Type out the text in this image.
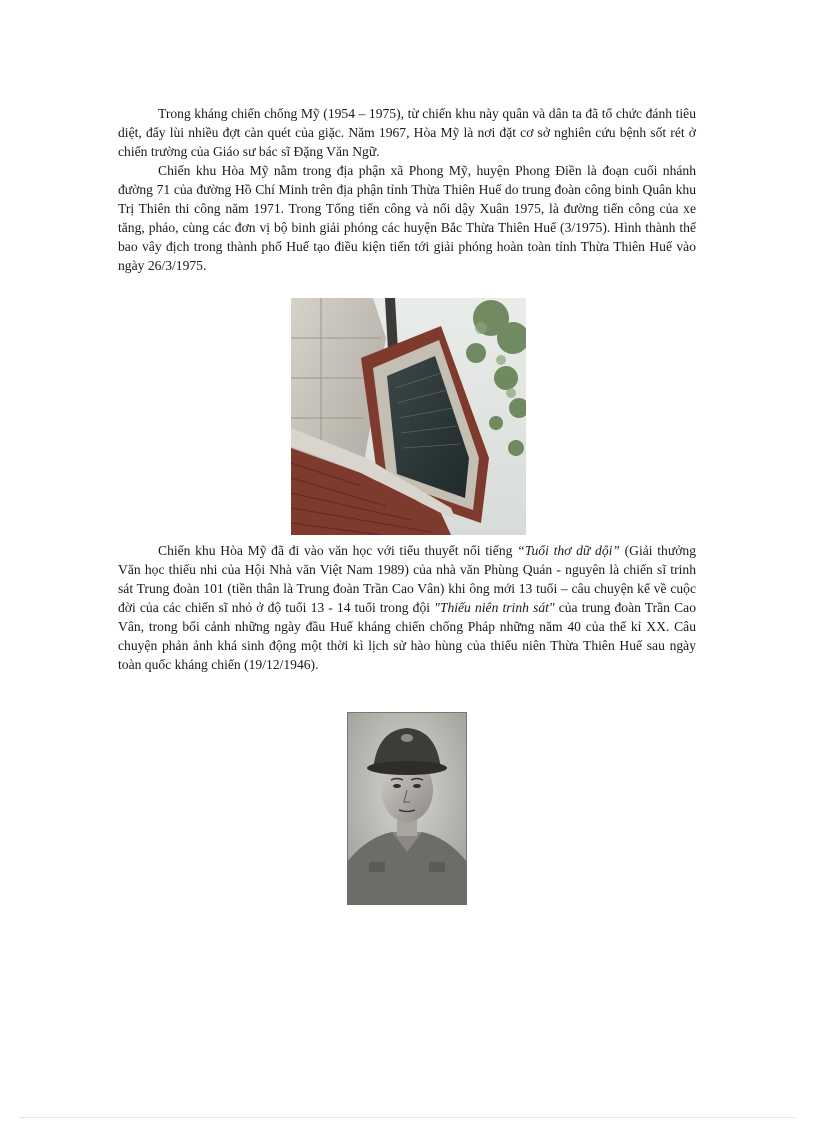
Trong kháng chiến chống Mỹ (1954 – 1975), từ chiến khu này quân và dân ta đã tổ chức đánh tiêu diệt, đẩy lùi nhiều đợt càn quét của giặc. Năm 1967, Hòa Mỹ là nơi đặt cơ sở nghiên cứu bệnh sốt rét ở chiến trường của Giáo sư bác sĩ Đặng Văn Ngữ.

Chiến khu Hòa Mỹ nằm trong địa phận xã Phong Mỹ, huyện Phong Điền là đoạn cuối nhánh đường 71 của đường Hồ Chí Minh trên địa phận tỉnh Thừa Thiên Huế do trung đoàn công binh Quân khu Trị Thiên thi công năm 1971. Trong Tổng tiến công và nổi dậy Xuân 1975, là đường tiến công của xe tăng, pháo, cùng các đơn vị bộ binh giải phóng các huyện Bắc Thừa Thiên Huế (3/1975). Hình thành thế bao vây địch trong thành phố Huế tạo điều kiện tiến tới giải phóng hoàn toàn tỉnh Thừa Thiên Huế vào ngày 26/3/1975.

Chiến khu Hòa Mỹ đã đi vào văn học với tiểu thuyết nổi tiếng “Tuổi thơ dữ dội” (Giải thưởng Văn học thiếu nhi của Hội Nhà văn Việt Nam 1989) của nhà văn Phùng Quán - nguyên là chiến sĩ trinh sát Trung đoàn 101 (tiền thân là Trung đoàn Trần Cao Vân) khi ông mới 13 tuổi – câu chuyện kể về cuộc đời của các chiến sĩ nhỏ ở độ tuổi 13 - 14 tuổi trong đội "Thiếu niên trinh sát" của trung đoàn Trần Cao Vân, trong bối cảnh những ngày đầu Huế kháng chiến chống Pháp những năm 40 của thế kỉ XX. Câu chuyện phản ảnh khá sinh động một thời kì lịch sử hào hùng của thiếu niên Thừa Thiên Huế sau ngày toàn quốc kháng chiến (19/12/1946).
